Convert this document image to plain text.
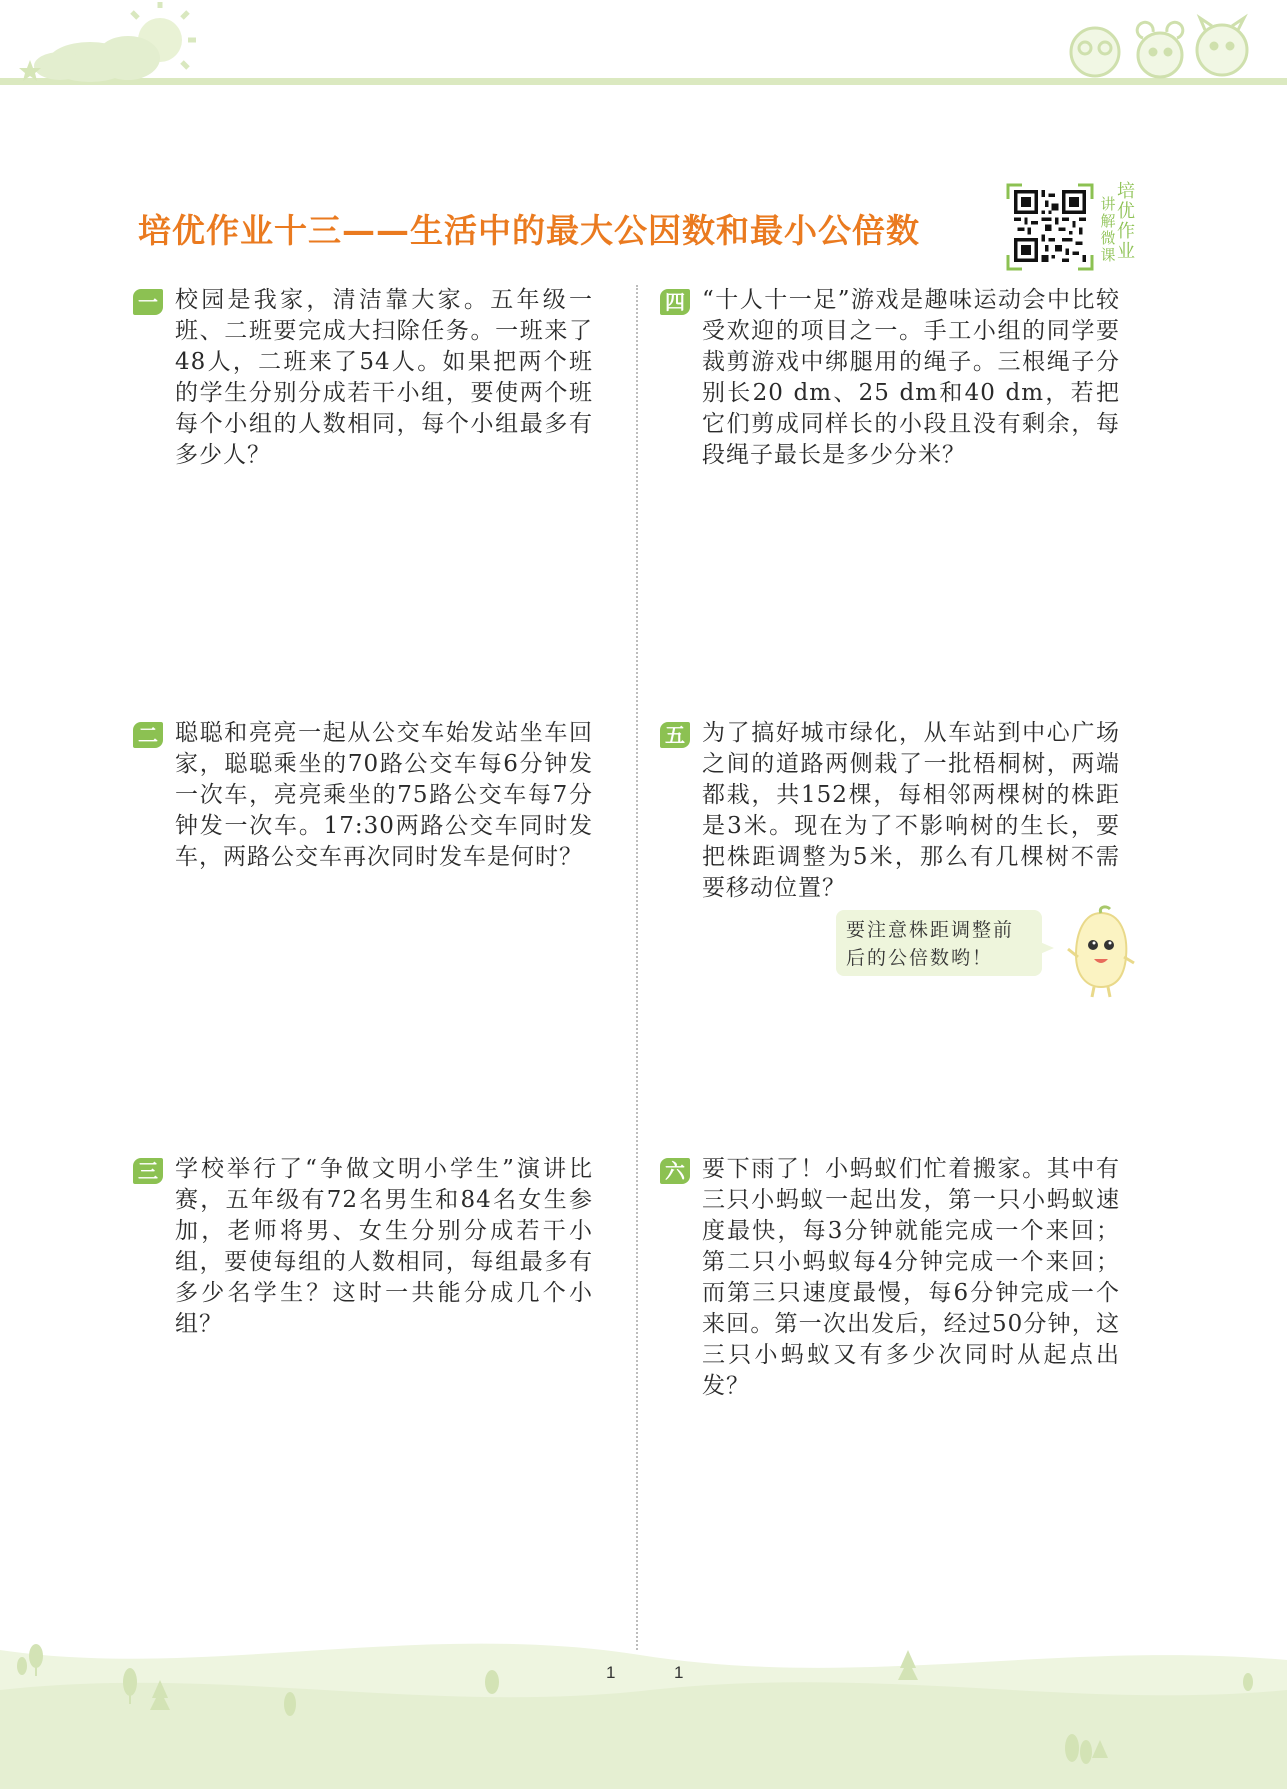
培优作业十三——生活中的最大公因数和最小公倍数
讲解微课
培优作业
一 校园是我家，清洁靠大家。五年级一班、二班要完成大扫除任务。一班来了48人，二班来了54人。如果把两个班的学生分别分成若干小组，要使两个班每个小组的人数相同，每个小组最多有多少人？
二 聪聪和亮亮一起从公交车始发站坐车回家，聪聪乘坐的70路公交车每6分钟发一次车，亮亮乘坐的75路公交车每7分钟发一次车。17:30两路公交车同时发车，两路公交车再次同时发车是何时？
三 学校举行了“争做文明小学生”演讲比赛，五年级有72名男生和84名女生参加，老师将男、女生分别分成若干小组，要使每组的人数相同，每组最多有多少名学生？这时一共能分成几个小组？
四 “十人十一足”游戏是趣味运动会中比较受欢迎的项目之一。手工小组的同学要裁剪游戏中绑腿用的绳子。三根绳子分别长20 dm、25 dm和40 dm，若把它们剪成同样长的小段且没有剩余，每段绳子最长是多少分米？
五 为了搞好城市绿化，从车站到中心广场之间的道路两侧栽了一批梧桐树，两端都栽，共152棵，每相邻两棵树的株距是3米。现在为了不影响树的生长，要把株距调整为5米，那么有几棵树不需要移动位置？
六 要下雨了！小蚂蚁们忙着搬家。其中有三只小蚂蚁一起出发，第一只小蚂蚁速度最快，每3分钟就能完成一个来回；第二只小蚂蚁每4分钟完成一个来回；而第三只速度最慢，每6分钟完成一个来回。第一次出发后，经过50分钟，这三只小蚂蚁又有多少次同时从起点出发？
要注意株距调整前后的公倍数哟！
1	1
